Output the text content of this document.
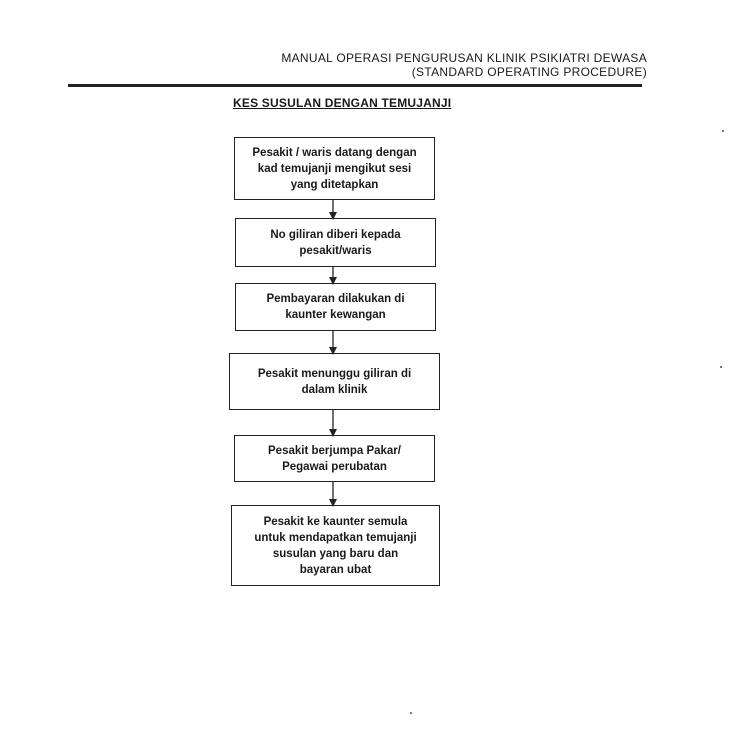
MANUAL OPERASI PENGURUSAN KLINIK PSIKIATRI DEWASA
(STANDARD OPERATING PROCEDURE)
KES SUSULAN DENGAN TEMUJANJI
Pesakit / waris datang dengan
kad temujanji mengikut sesi
yang ditetapkan
No giliran diberi kepada
pesakit/waris
Pembayaran dilakukan di
kaunter kewangan
Pesakit menunggu giliran di
dalam klinik
Pesakit berjumpa Pakar/
Pegawai perubatan
Pesakit ke kaunter semula
untuk mendapatkan temujanji
susulan yang baru dan
bayaran ubat
